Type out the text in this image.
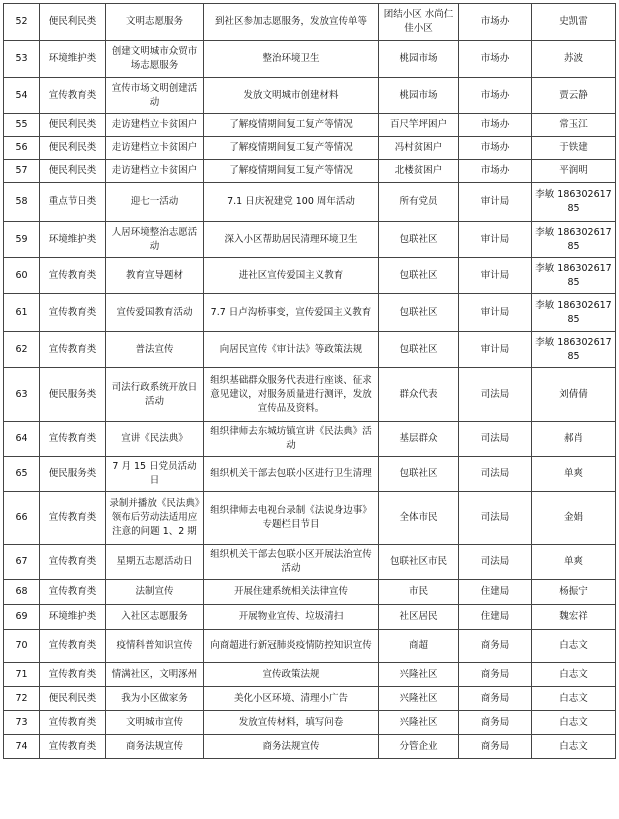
52	便民利民类	文明志愿服务	到社区参加志愿服务，发放宣传单等	团结小区 水尚仁佳小区	市场办	史凯雷
53	环境维护类	创建文明城市众贸市场志愿服务	整治环境卫生	桃园市场	市场办	苏波
54	宣传教育类	宣传市场文明创建活动	发放文明城市创建材料	桃园市场	市场办	贾云静
55	便民利民类	走访建档立卡贫困户	了解疫情期间复工复产等情况	百尺竿坪困户	市场办	常玉江
56	便民利民类	走访建档立卡贫困户	了解疫情期间复工复产等情况	冯村贫困户	市场办	于铁建
57	便民利民类	走访建档立卡贫困户	了解疫情期间复工复产等情况	北楼贫困户	市场办	平润明
58	重点节日类	迎七一活动	7.1 日庆祝建党 100 周年活动	所有党员	审计局	李敏 18630261785
59	环境维护类	人居环境整治志愿活动	深入小区帮助居民清理环境卫生	包联社区	审计局	李敏 18630261785
60	宣传教育类	教育宣导题材	进社区宣传爱国主义教育	包联社区	审计局	李敏 18630261785
61	宣传教育类	宣传爱国教育活动	7.7 日卢沟桥事变，宣传爱国主义教育	包联社区	审计局	李敏 18630261785
62	宣传教育类	普法宣传	向居民宣传《审计法》等政策法规	包联社区	审计局	李敏 18630261785
63	便民服务类	司法行政系统开放日活动	组织基础群众服务代表进行座谈、征求意见建议，对服务质量进行测评，发放宣传品及资料。	群众代表	司法局	刘倩倩
64	宣传教育类	宣讲《民法典》	组织律师去东城坊镇宣讲《民法典》活动	基层群众	司法局	郝肖
65	便民服务类	7 月 15 日党员活动日	组织机关干部去包联小区进行卫生清理	包联社区	司法局	单爽
66	宣传教育类	录制并播放《民法典》领布后劳动法适用应注意的问题 1、2 期	组织律师去电视台录制《法说身边事》专题栏目节目	全体市民	司法局	金娟
67	宣传教育类	星期五志愿活动日	组织机关干部去包联小区开展法治宣传活动	包联社区市民	司法局	单爽
68	宣传教育类	法制宣传	开展住建系统相关法律宣传	市民	住建局	杨振宁
69	环境维护类	入社区志愿服务	开展物业宣传、垃圾清扫	社区居民	住建局	魏宏祥
70	宣传教育类	疫情科普知识宣传	向商超进行新冠肺炎疫情防控知识宣传	商超	商务局	白志文
71	宣传教育类	情满社区，文明涿州	宣传政策法规	兴隆社区	商务局	白志文
72	便民利民类	我为小区做家务	美化小区环境、清理小广告	兴隆社区	商务局	白志文
73	宣传教育类	文明城市宣传	发放宣传材料，填写问卷	兴隆社区	商务局	白志文
74	宣传教育类	商务法规宣传	商务法规宣传	分管企业	商务局	白志文
